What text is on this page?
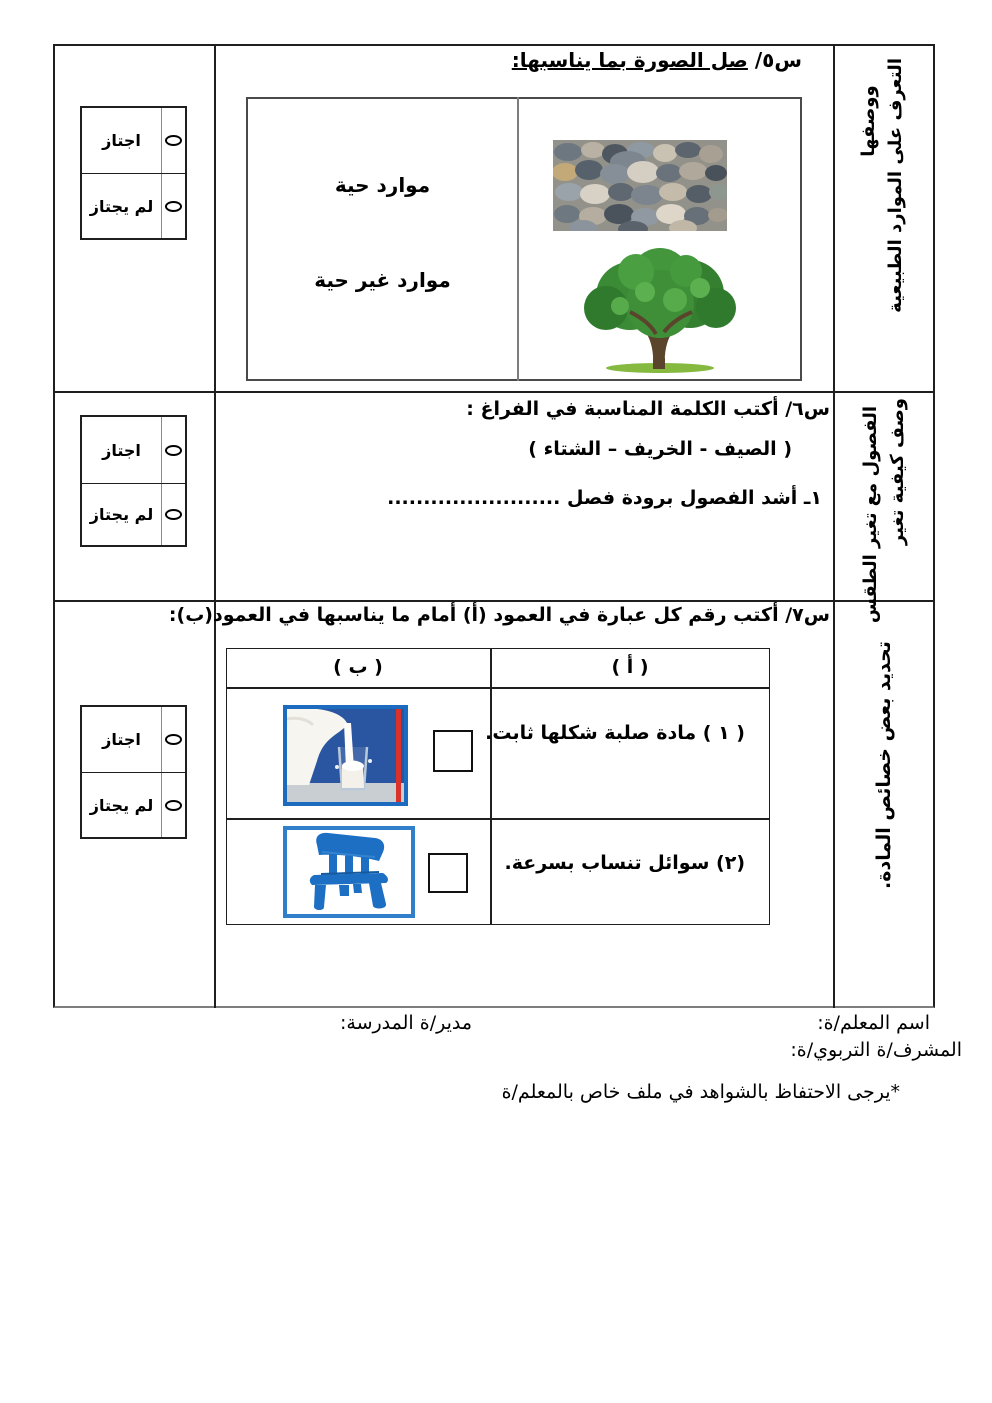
التعرف على الموارد الطبيعية
ووصفها
وصف كيفية تغير
الفصول مع تغير الطقس
تحديد بعض خصائص المادة.
اجتاز
لم يجتاز
اجتاز
لم يجتاز
اجتاز
لم يجتاز
س٥/ صل الصورة بما يناسبها:
موارد حية
موارد غير حية
س٦/ أكتب الكلمة المناسبة في الفراغ :
( الصيف - الخريف – الشتاء )
١ـ أشد الفصول برودة فصل ........................
س٧/ أكتب رقم كل عبارة في العمود (أ) أمام ما يناسبها في العمود(ب):
( ب )	( أ )
( ١ ) مادة صلبة شكلها ثابت.
(٢) سوائل تنساب بسرعة.
اسم المعلم/ة:
مدير/ة المدرسة:
المشرف/ة التربوي/ة:
*يرجى الاحتفاظ بالشواهد في ملف خاص بالمعلم/ة
